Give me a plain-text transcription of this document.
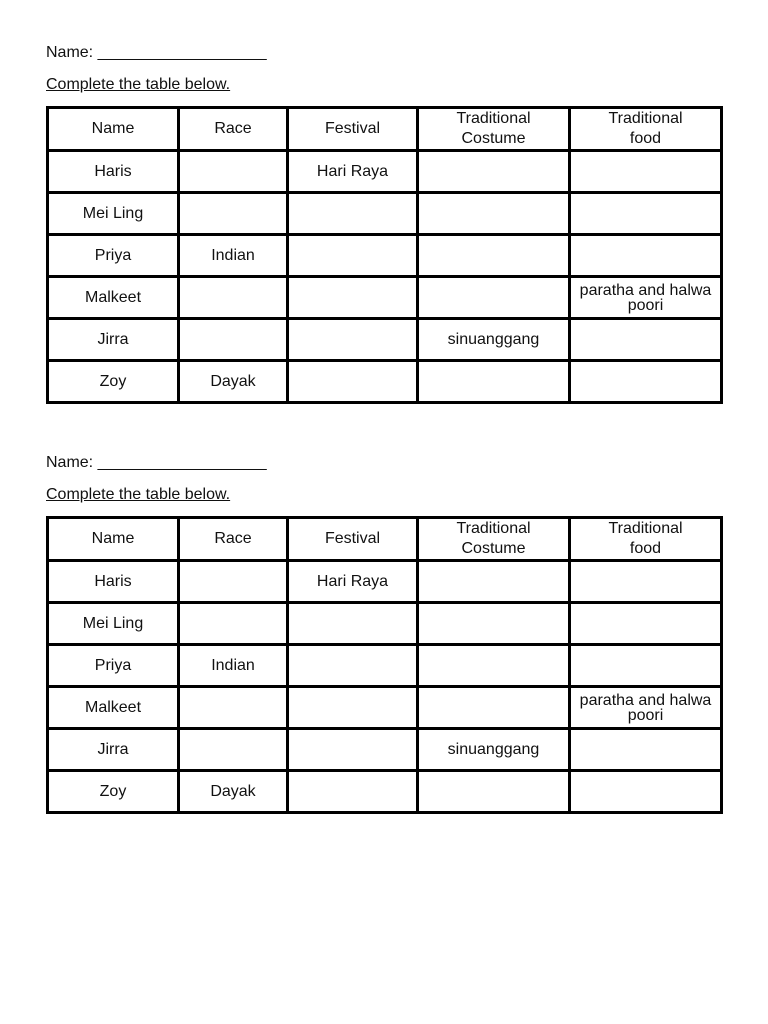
Name: ___________________
Complete the table below.
Name	Race	Festival	Traditional Costume	Traditional food
Haris		Hari Raya		
Mei Ling				
Priya	Indian			
Malkeet				paratha and halwa poori
Jirra			sinuanggang	
Zoy	Dayak			
Name: ___________________
Complete the table below.
Name	Race	Festival	Traditional Costume	Traditional food
Haris		Hari Raya		
Mei Ling				
Priya	Indian			
Malkeet				paratha and halwa poori
Jirra			sinuanggang	
Zoy	Dayak			
